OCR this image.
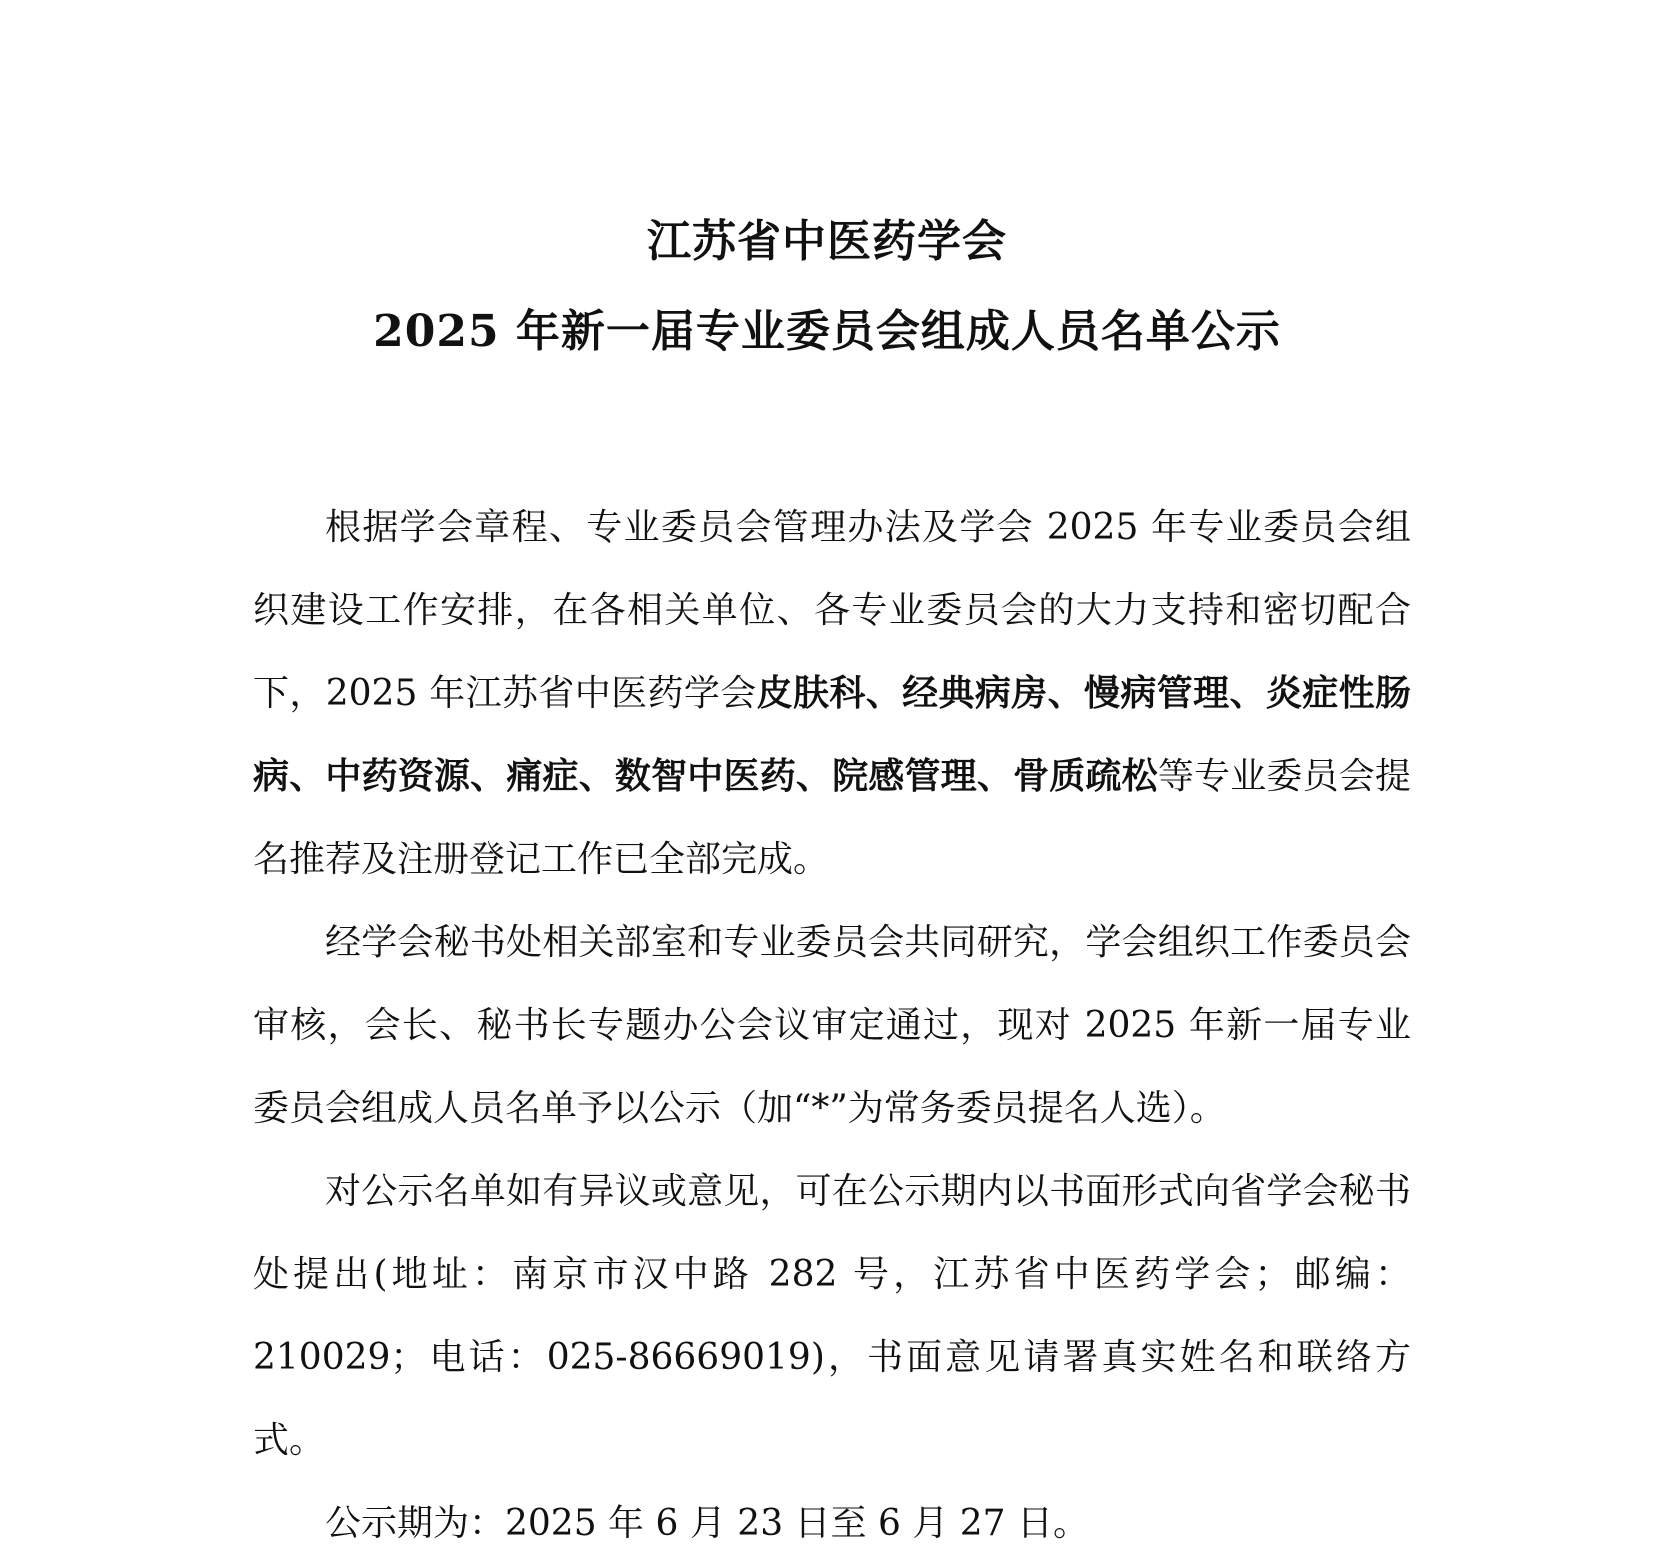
江苏省中医药学会
2025 年新一届专业委员会组成人员名单公示

根据学会章程、专业委员会管理办法及学会 2025 年专业委员会组织建设工作安排，在各相关单位、各专业委员会的大力支持和密切配合下，2025 年江苏省中医药学会皮肤科、经典病房、慢病管理、炎症性肠病、中药资源、痛症、数智中医药、院感管理、骨质疏松等专业委员会提名推荐及注册登记工作已全部完成。

经学会秘书处相关部室和专业委员会共同研究，学会组织工作委员会审核，会长、秘书长专题办公会议审定通过，现对 2025 年新一届专业委员会组成人员名单予以公示（加“*”为常务委员提名人选）。

对公示名单如有异议或意见，可在公示期内以书面形式向省学会秘书处提出(地址：南京市汉中路 282 号，江苏省中医药学会；邮编：210029；电话：025-86669019)，书面意见请署真实姓名和联络方式。

公示期为：2025 年 6 月 23 日至 6 月 27 日。
